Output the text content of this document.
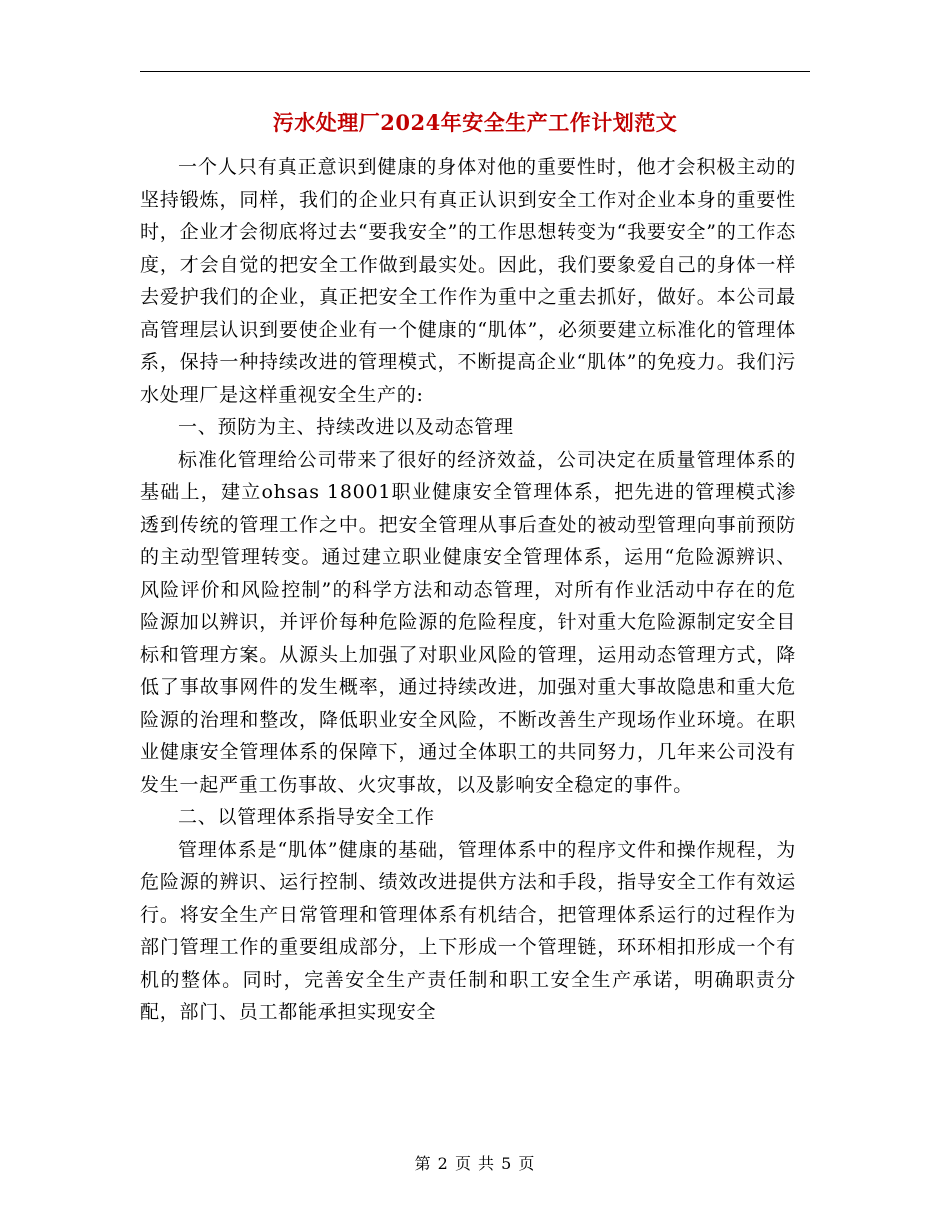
污水处理厂2024年安全生产工作计划范文

一个人只有真正意识到健康的身体对他的重要性时，他才会积极主动的坚持锻炼，同样，我们的企业只有真正认识到安全工作对企业本身的重要性时，企业才会彻底将过去“要我安全”的工作思想转变为“我要安全”的工作态度，才会自觉的把安全工作做到最实处。因此，我们要象爱自己的身体一样去爱护我们的企业，真正把安全工作作为重中之重去抓好，做好。本公司最高管理层认识到要使企业有一个健康的“肌体”，必须要建立标准化的管理体系，保持一种持续改进的管理模式，不断提高企业“肌体”的免疫力。我们污水处理厂是这样重视安全生产的:

一、预防为主、持续改进以及动态管理

标准化管理给公司带来了很好的经济效益，公司决定在质量管理体系的基础上，建立ohsas 18001职业健康安全管理体系，把先进的管理模式渗透到传统的管理工作之中。把安全管理从事后查处的被动型管理向事前预防的主动型管理转变。通过建立职业健康安全管理体系，运用“危险源辨识、风险评价和风险控制”的科学方法和动态管理，对所有作业活动中存在的危险源加以辨识，并评价每种危险源的危险程度，针对重大危险源制定安全目标和管理方案。从源头上加强了对职业风险的管理，运用动态管理方式，降低了事故事网件的发生概率，通过持续改进，加强对重大事故隐患和重大危险源的治理和整改，降低职业安全风险，不断改善生产现场作业环境。在职业健康安全管理体系的保障下，通过全体职工的共同努力，几年来公司没有发生一起严重工伤事故、火灾事故，以及影响安全稳定的事件。

二、以管理体系指导安全工作

管理体系是“肌体”健康的基础，管理体系中的程序文件和操作规程，为危险源的辨识、运行控制、绩效改进提供方法和手段，指导安全工作有效运行。将安全生产日常管理和管理体系有机结合，把管理体系运行的过程作为部门管理工作的重要组成部分，上下形成一个管理链，环环相扣形成一个有机的整体。同时，完善安全生产责任制和职工安全生产承诺，明确职责分配，部门、员工都能承担实现安全

第 2 页 共 5 页
